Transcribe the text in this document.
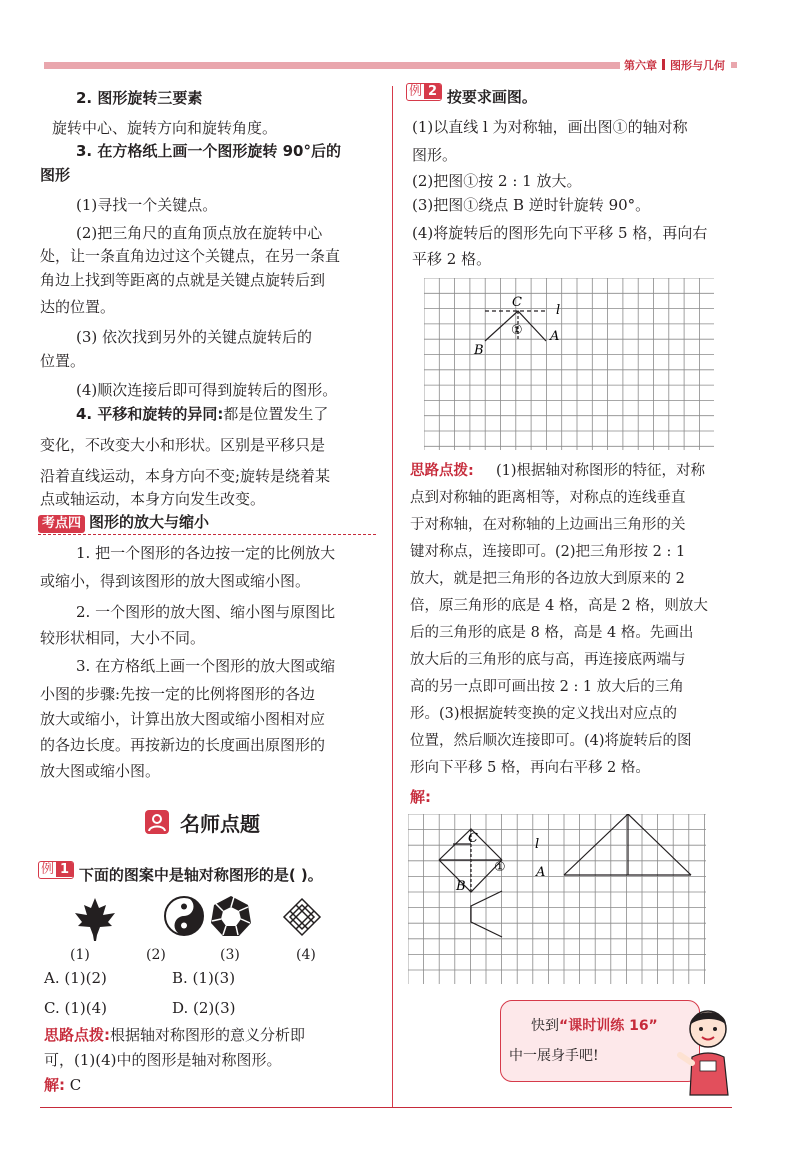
第六章 图形与几何
2. 图形旋转三要素
旋转中心、旋转方向和旋转角度。
3. 在方格纸上画一个图形旋转 90°后的
图形
(1)寻找一个关键点。
(2)把三角尺的直角顶点放在旋转中心
处，让一条直角边过这个关键点，在另一条直
角边上找到等距离的点就是关键点旋转后到
达的位置。
(3) 依次找到另外的关键点旋转后的
位置。
(4)顺次连接后即可得到旋转后的图形。
4. 平移和旋转的异同:都是位置发生了
变化，不改变大小和形状。区别是平移只是
沿着直线运动，本身方向不变;旋转是绕着某
点或轴运动，本身方向发生改变。
考点四 图形的放大与缩小
1. 把一个图形的各边按一定的比例放大
或缩小，得到该图形的放大图或缩小图。
2. 一个图形的放大图、缩小图与原图比
较形状相同，大小不同。
3. 在方格纸上画一个图形的放大图或缩
小图的步骤:先按一定的比例将图形的各边
放大或缩小，计算出放大图或缩小图相对应
的各边长度。再按新边的长度画出原图形的
放大图或缩小图。
名师点题
例 1 下面的图案中是轴对称图形的是( )。
(1)	(2)	(3)	(4)
A. (1)(2)	B. (1)(3)
C. (1)(4)	D. (2)(3)
思路点拨:根据轴对称图形的意义分析即
可，(1)(4)中的图形是轴对称图形。
解: C
例 2 按要求画图。
(1)以直线 l 为对称轴，画出图①的轴对称
图形。
(2)把图①按 2 : 1 放大。
(3)把图①绕点 B 逆时针旋转 90°。
(4)将旋转后的图形先向下平移 5 格，再向右
平移 2 格。
C
l
A
B
①
(1)根据轴对称图形的特征，对称
点到对称轴的距离相等，对称点的连线垂直
于对称轴，在对称轴的上边画出三角形的关
键对称点，连接即可。(2)把三角形按 2 : 1
放大，就是把三角形的各边放大到原来的 2
倍，原三角形的底是 4 格，高是 2 格，则放大
后的三角形的底是 8 格，高是 4 格。先画出
放大后的三角形的底与高，再连接底两端与
高的另一点即可画出按 2 : 1 放大后的三角
形。(3)根据旋转变换的定义找出对应点的
位置，然后顺次连接即可。(4)将旋转后的图
形向下平移 5 格，再向右平移 2 格。
思路点拨:
解:
C	l
A
B
①
快到“课时训练 16”
中一展身手吧!
